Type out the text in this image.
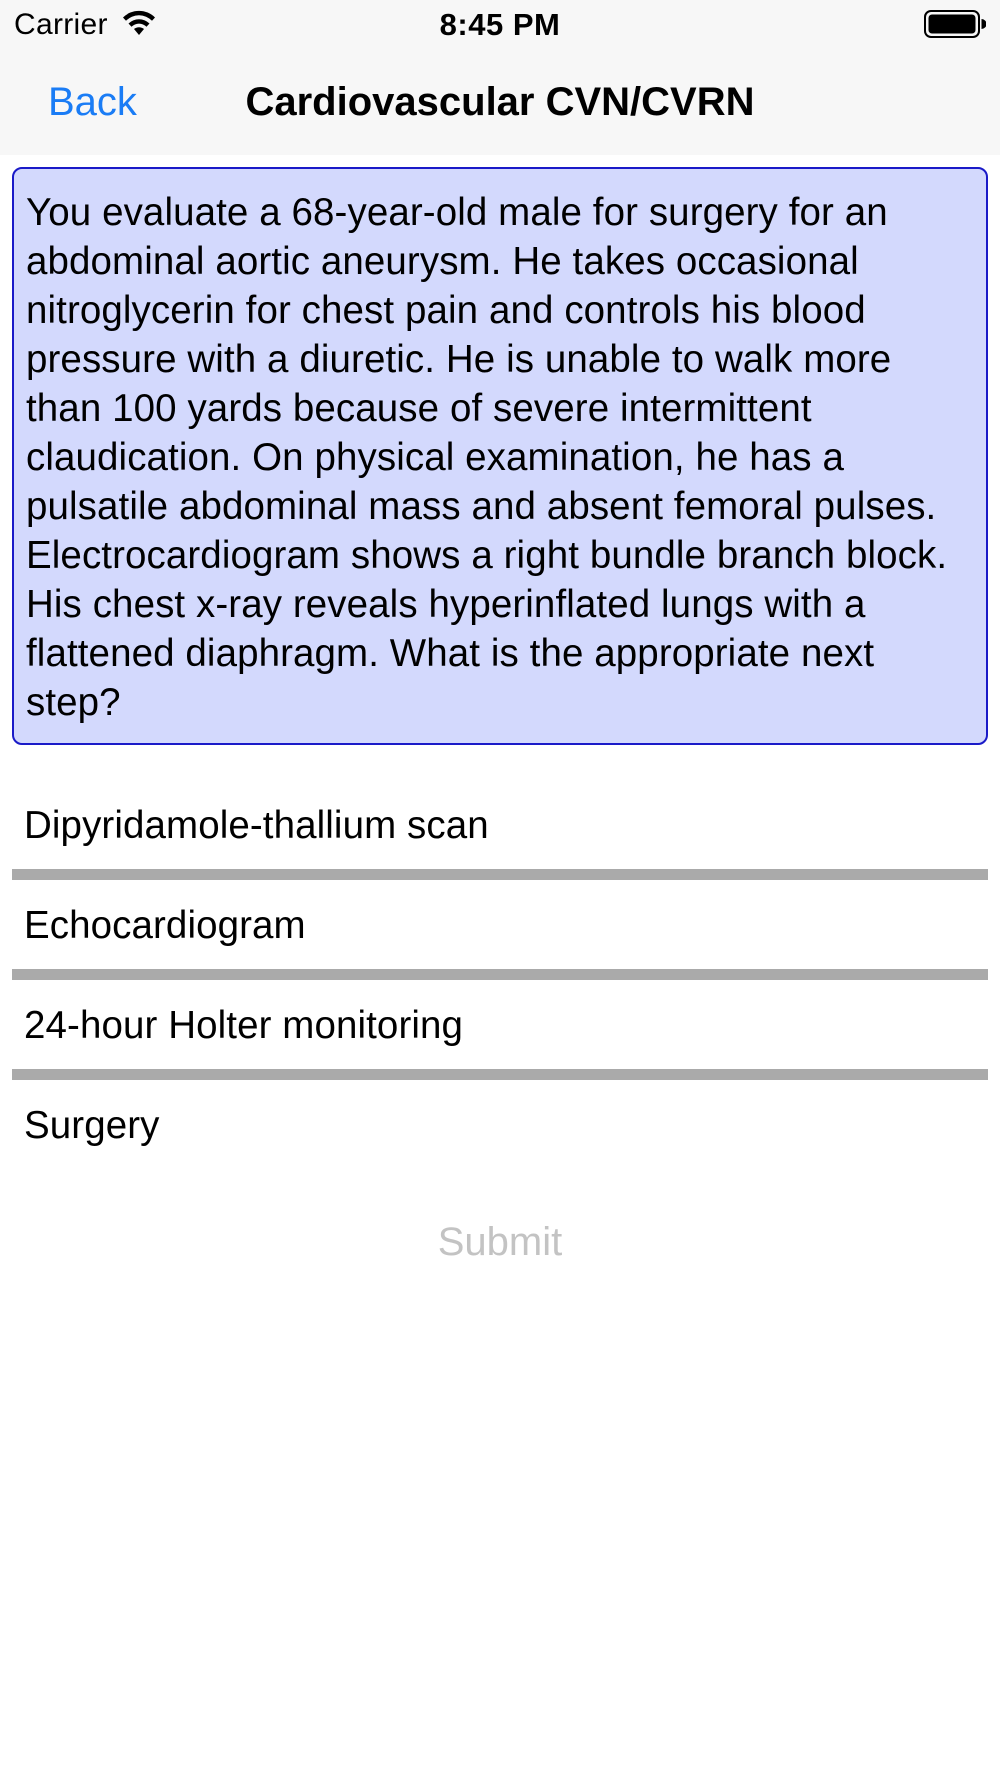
Carrier	8:45 PM
Back	Cardiovascular CVN/CVRN

You evaluate a 68-year-old male for surgery for an abdominal aortic aneurysm. He takes occasional nitroglycerin for chest pain and controls his blood pressure with a diuretic. He is unable to walk more than 100 yards because of severe intermittent claudication. On physical examination, he has a pulsatile abdominal mass and absent femoral pulses. Electrocardiogram shows a right bundle branch block. His chest x-ray reveals hyperinflated lungs with a flattened diaphragm. What is the appropriate next step?

Dipyridamole-thallium scan
Echocardiogram
24-hour Holter monitoring
Surgery
Submit
